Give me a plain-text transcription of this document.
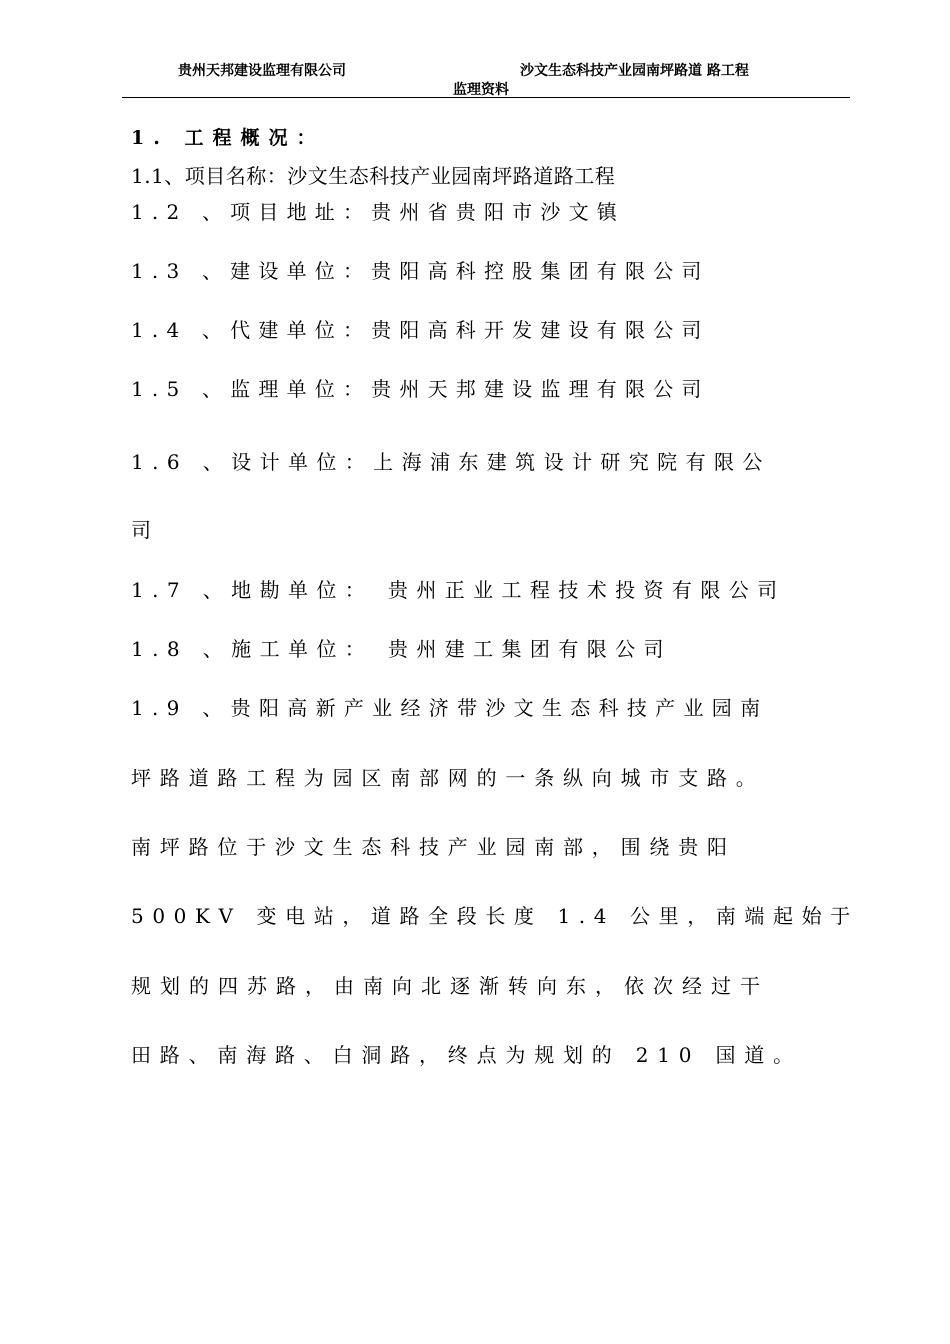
贵州天邦建设监理有限公司	沙文生态科技产业园南坪路道 路工程
监理资料
1. 工程概况：
1.1、项目名称：沙文生态科技产业园南坪路道路工程
1.2 、项目地址：贵州省贵阳市沙文镇
1.3 、建设单位：贵阳高科控股集团有限公司
1.4 、代建单位：贵阳高科开发建设有限公司
1.5 、监理单位：贵州天邦建设监理有限公司
1.6 、设计单位：上海浦东建筑设计研究院有限公
司
1.7 、地勘单位： 贵州正业工程技术投资有限公司
1.8 、施工单位： 贵州建工集团有限公司
1.9 、贵阳高新产业经济带沙文生态科技产业园南
坪路道路工程为园区南部网的一条纵向城市支路。
南坪路位于沙文生态科技产业园南部，围绕贵阳
500KV 变电站，道路全段长度 1.4 公里，南端起始于
规划的四苏路，由南向北逐渐转向东，依次经过干
田路、南海路、白洞路，终点为规划的 210 国道。
